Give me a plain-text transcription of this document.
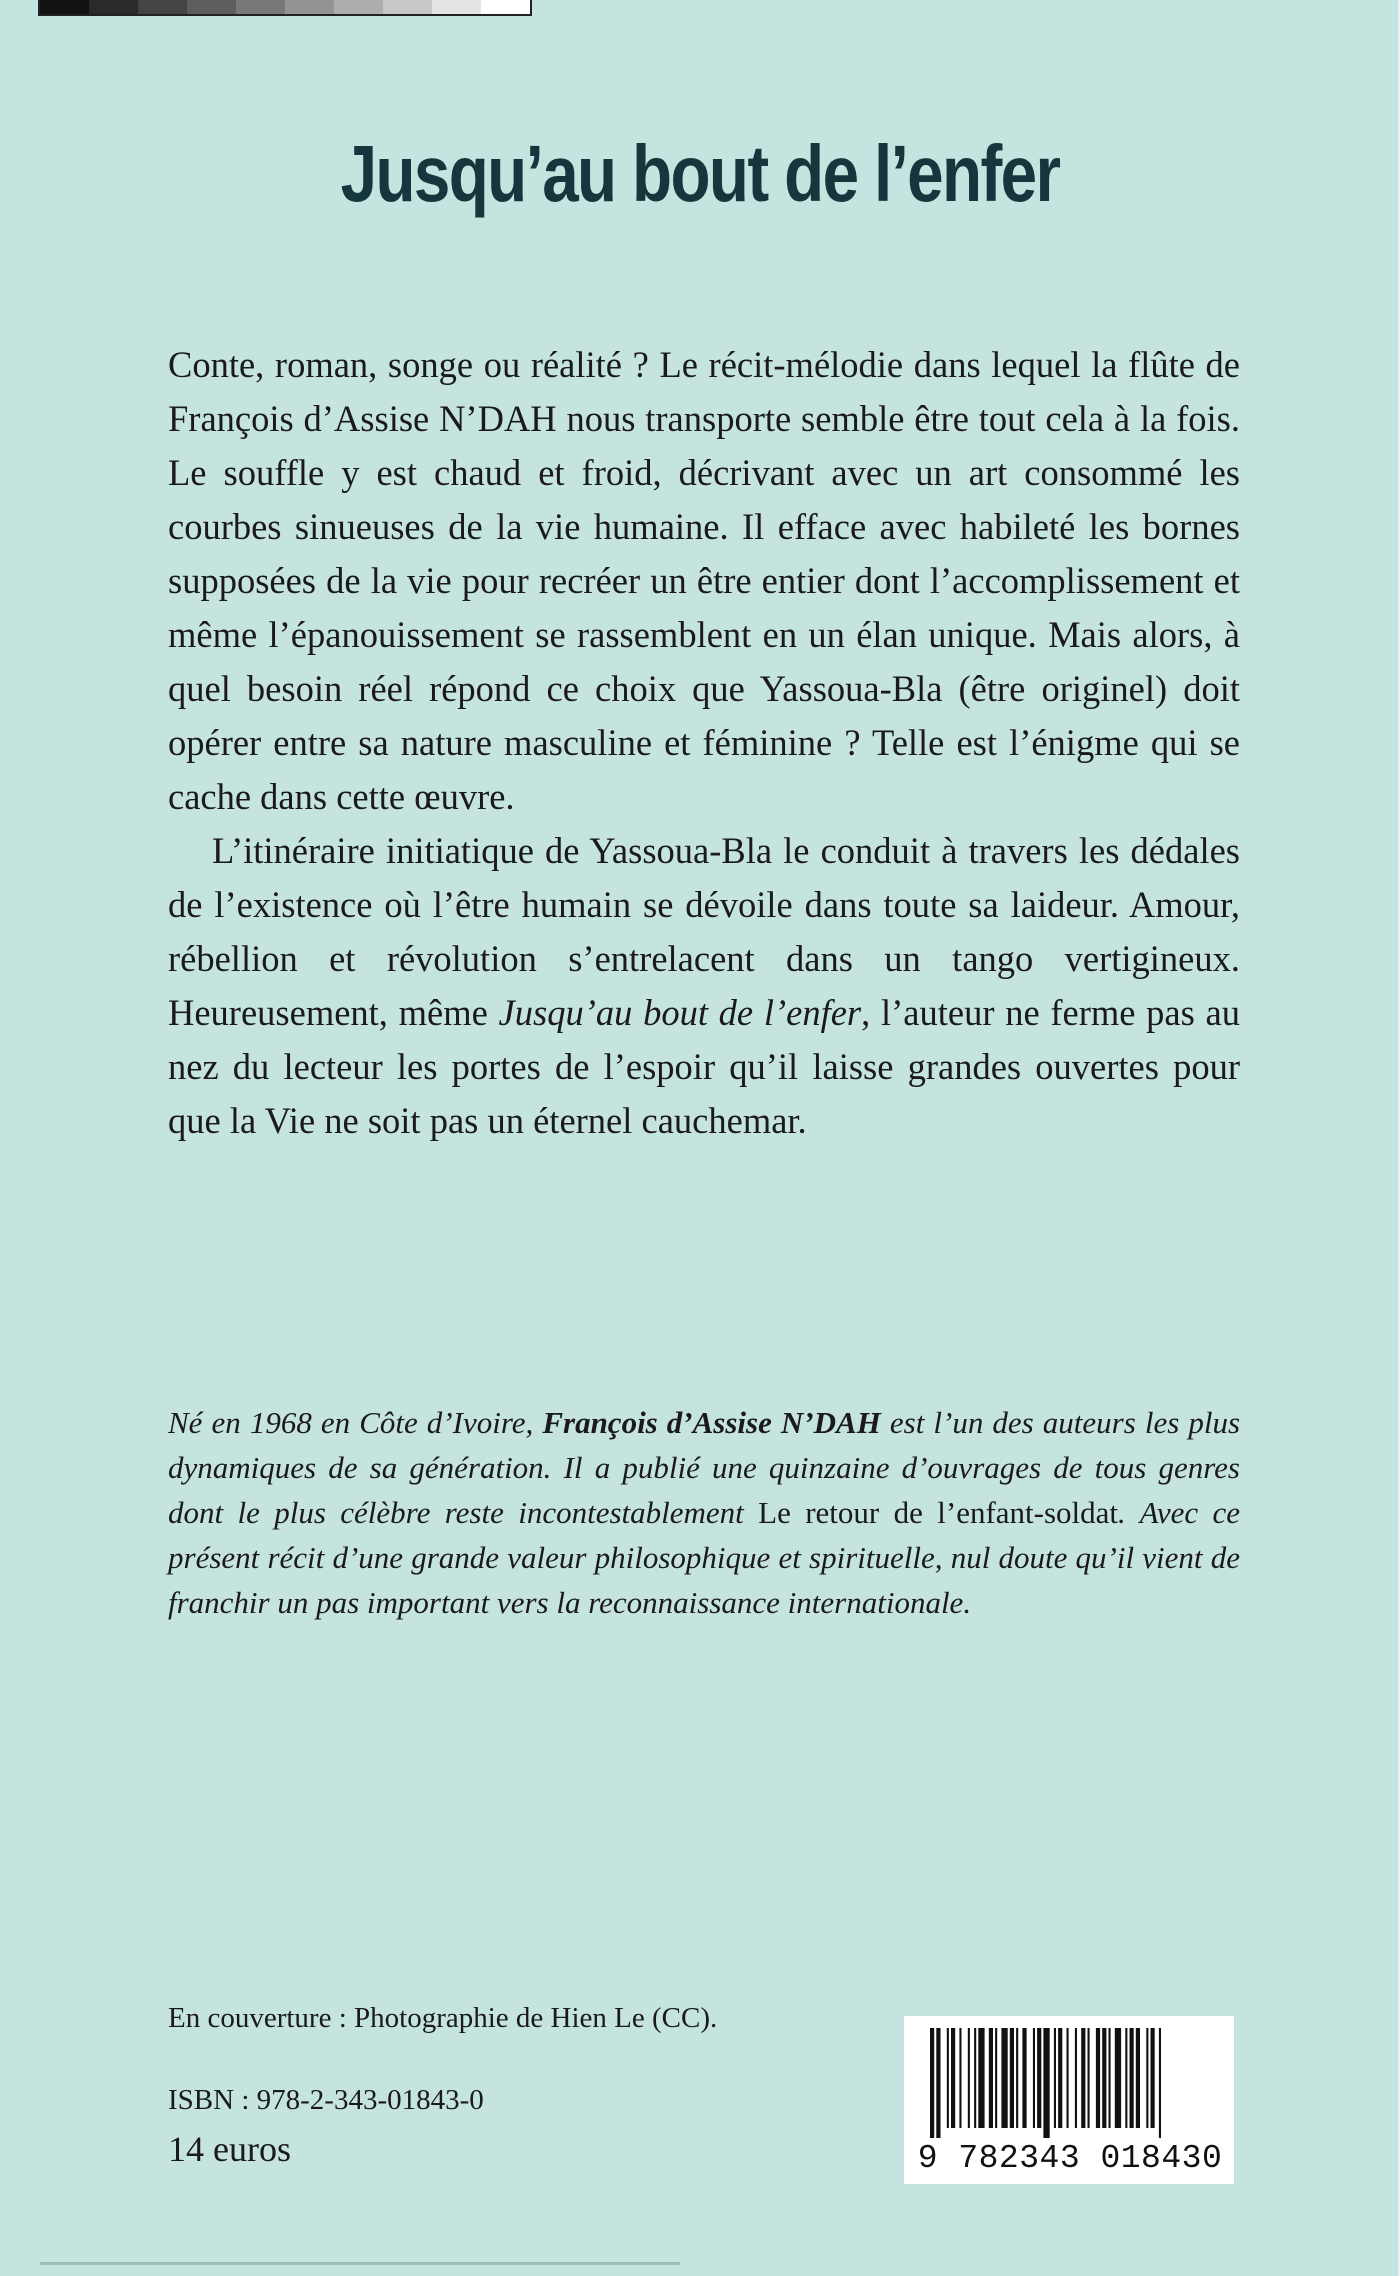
Jusqu’au bout de l’enfer

Conte, roman, songe ou réalité ? Le récit-mélodie dans lequel la flûte de François d’Assise N’DAH nous transporte semble être tout cela à la fois. Le souffle y est chaud et froid, décrivant avec un art consommé les courbes sinueuses de la vie humaine. Il efface avec habileté les bornes supposées de la vie pour recréer un être entier dont l’accomplissement et même l’épanouissement se rassemblent en un élan unique. Mais alors, à quel besoin réel répond ce choix que Yassoua-Bla (être originel) doit opérer entre sa nature masculine et féminine ? Telle est l’énigme qui se cache dans cette œuvre.

L’itinéraire initiatique de Yassoua-Bla le conduit à travers les dédales de l’existence où l’être humain se dévoile dans toute sa laideur. Amour, rébellion et révolution s’entrelacent dans un tango vertigineux. Heureusement, même Jusqu’au bout de l’enfer, l’auteur ne ferme pas au nez du lecteur les portes de l’espoir qu’il laisse grandes ouvertes pour que la Vie ne soit pas un éternel cauchemar.

Né en 1968 en Côte d’Ivoire, François d’Assise N’DAH est l’un des auteurs les plus dynamiques de sa génération. Il a publié une quinzaine d’ouvrages de tous genres dont le plus célèbre reste incontestablement Le retour de l’enfant-soldat. Avec ce présent récit d’une grande valeur philosophique et spirituelle, nul doute qu’il vient de franchir un pas important vers la reconnaissance internationale.
En couverture : Photographie de Hien Le (CC).
ISBN : 978-2-343-01843-0
14 euros	9 782343 018430
